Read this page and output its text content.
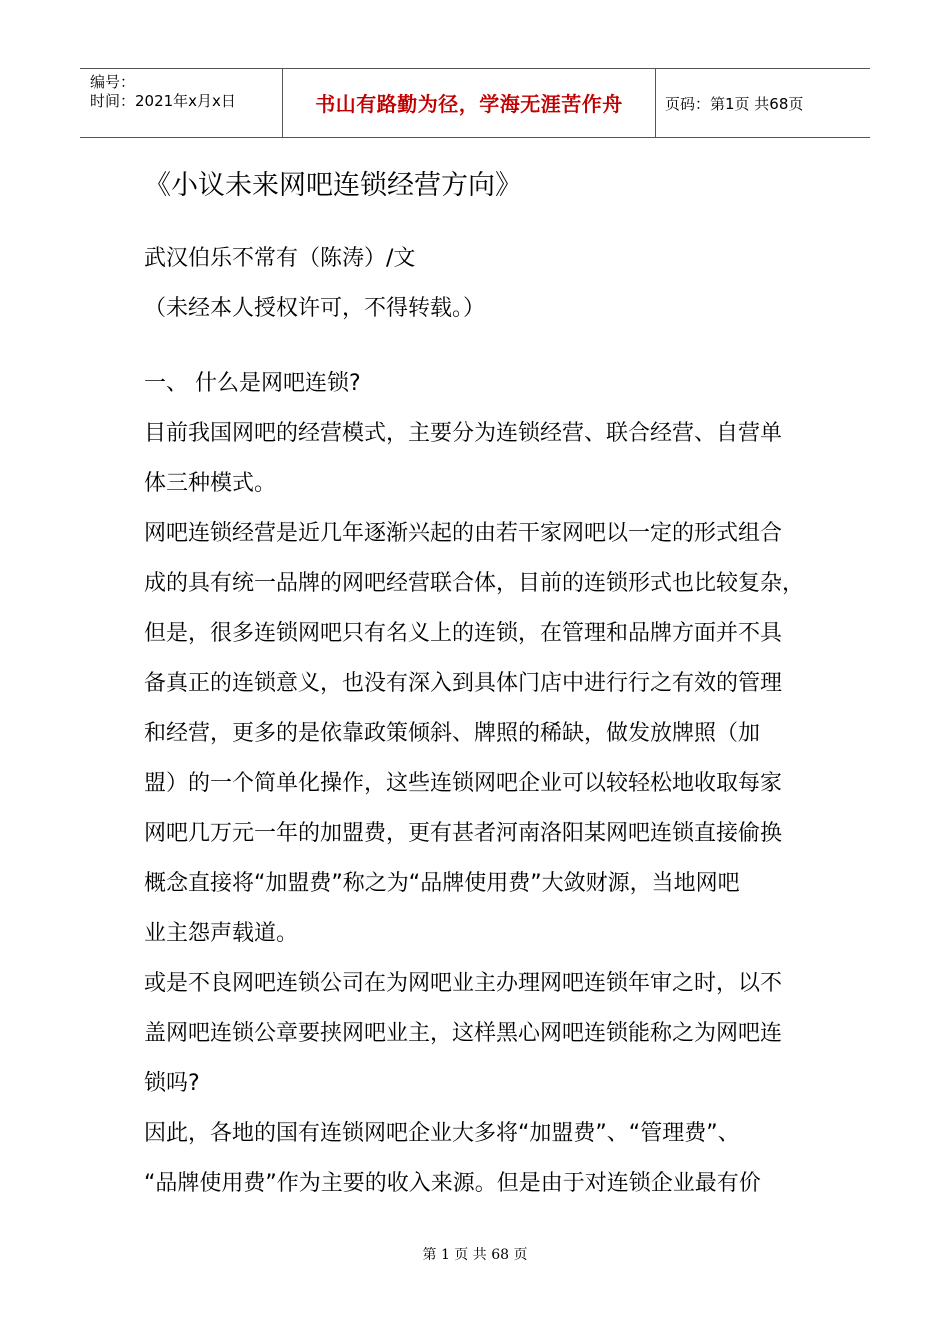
编号：
时间：2021年x月x日	书山有路勤为径，学海无涯苦作舟	页码：第1页 共68页
《小议未来网吧连锁经营方向》
武汉伯乐不常有（陈涛）/文
（未经本人授权许可，不得转载。）
一、 什么是网吧连锁?
目前我国网吧的经营模式，主要分为连锁经营、联合经营、自营单
体三种模式。
网吧连锁经营是近几年逐渐兴起的由若干家网吧以一定的形式组合
成的具有统一品牌的网吧经营联合体，目前的连锁形式也比较复杂，
但是，很多连锁网吧只有名义上的连锁，在管理和品牌方面并不具
备真正的连锁意义，也没有深入到具体门店中进行行之有效的管理
和经营，更多的是依靠政策倾斜、牌照的稀缺，做发放牌照（加
盟）的一个简单化操作，这些连锁网吧企业可以较轻松地收取每家
网吧几万元一年的加盟费，更有甚者河南洛阳某网吧连锁直接偷换
概念直接将“加盟费”称之为“品牌使用费”大敛财源，当地网吧
业主怨声载道。
或是不良网吧连锁公司在为网吧业主办理网吧连锁年审之时，以不
盖网吧连锁公章要挟网吧业主，这样黑心网吧连锁能称之为网吧连
锁吗?
因此，各地的国有连锁网吧企业大多将“加盟费”、“管理费”、
“品牌使用费”作为主要的收入来源。但是由于对连锁企业最有价
第 1 页 共 68 页
